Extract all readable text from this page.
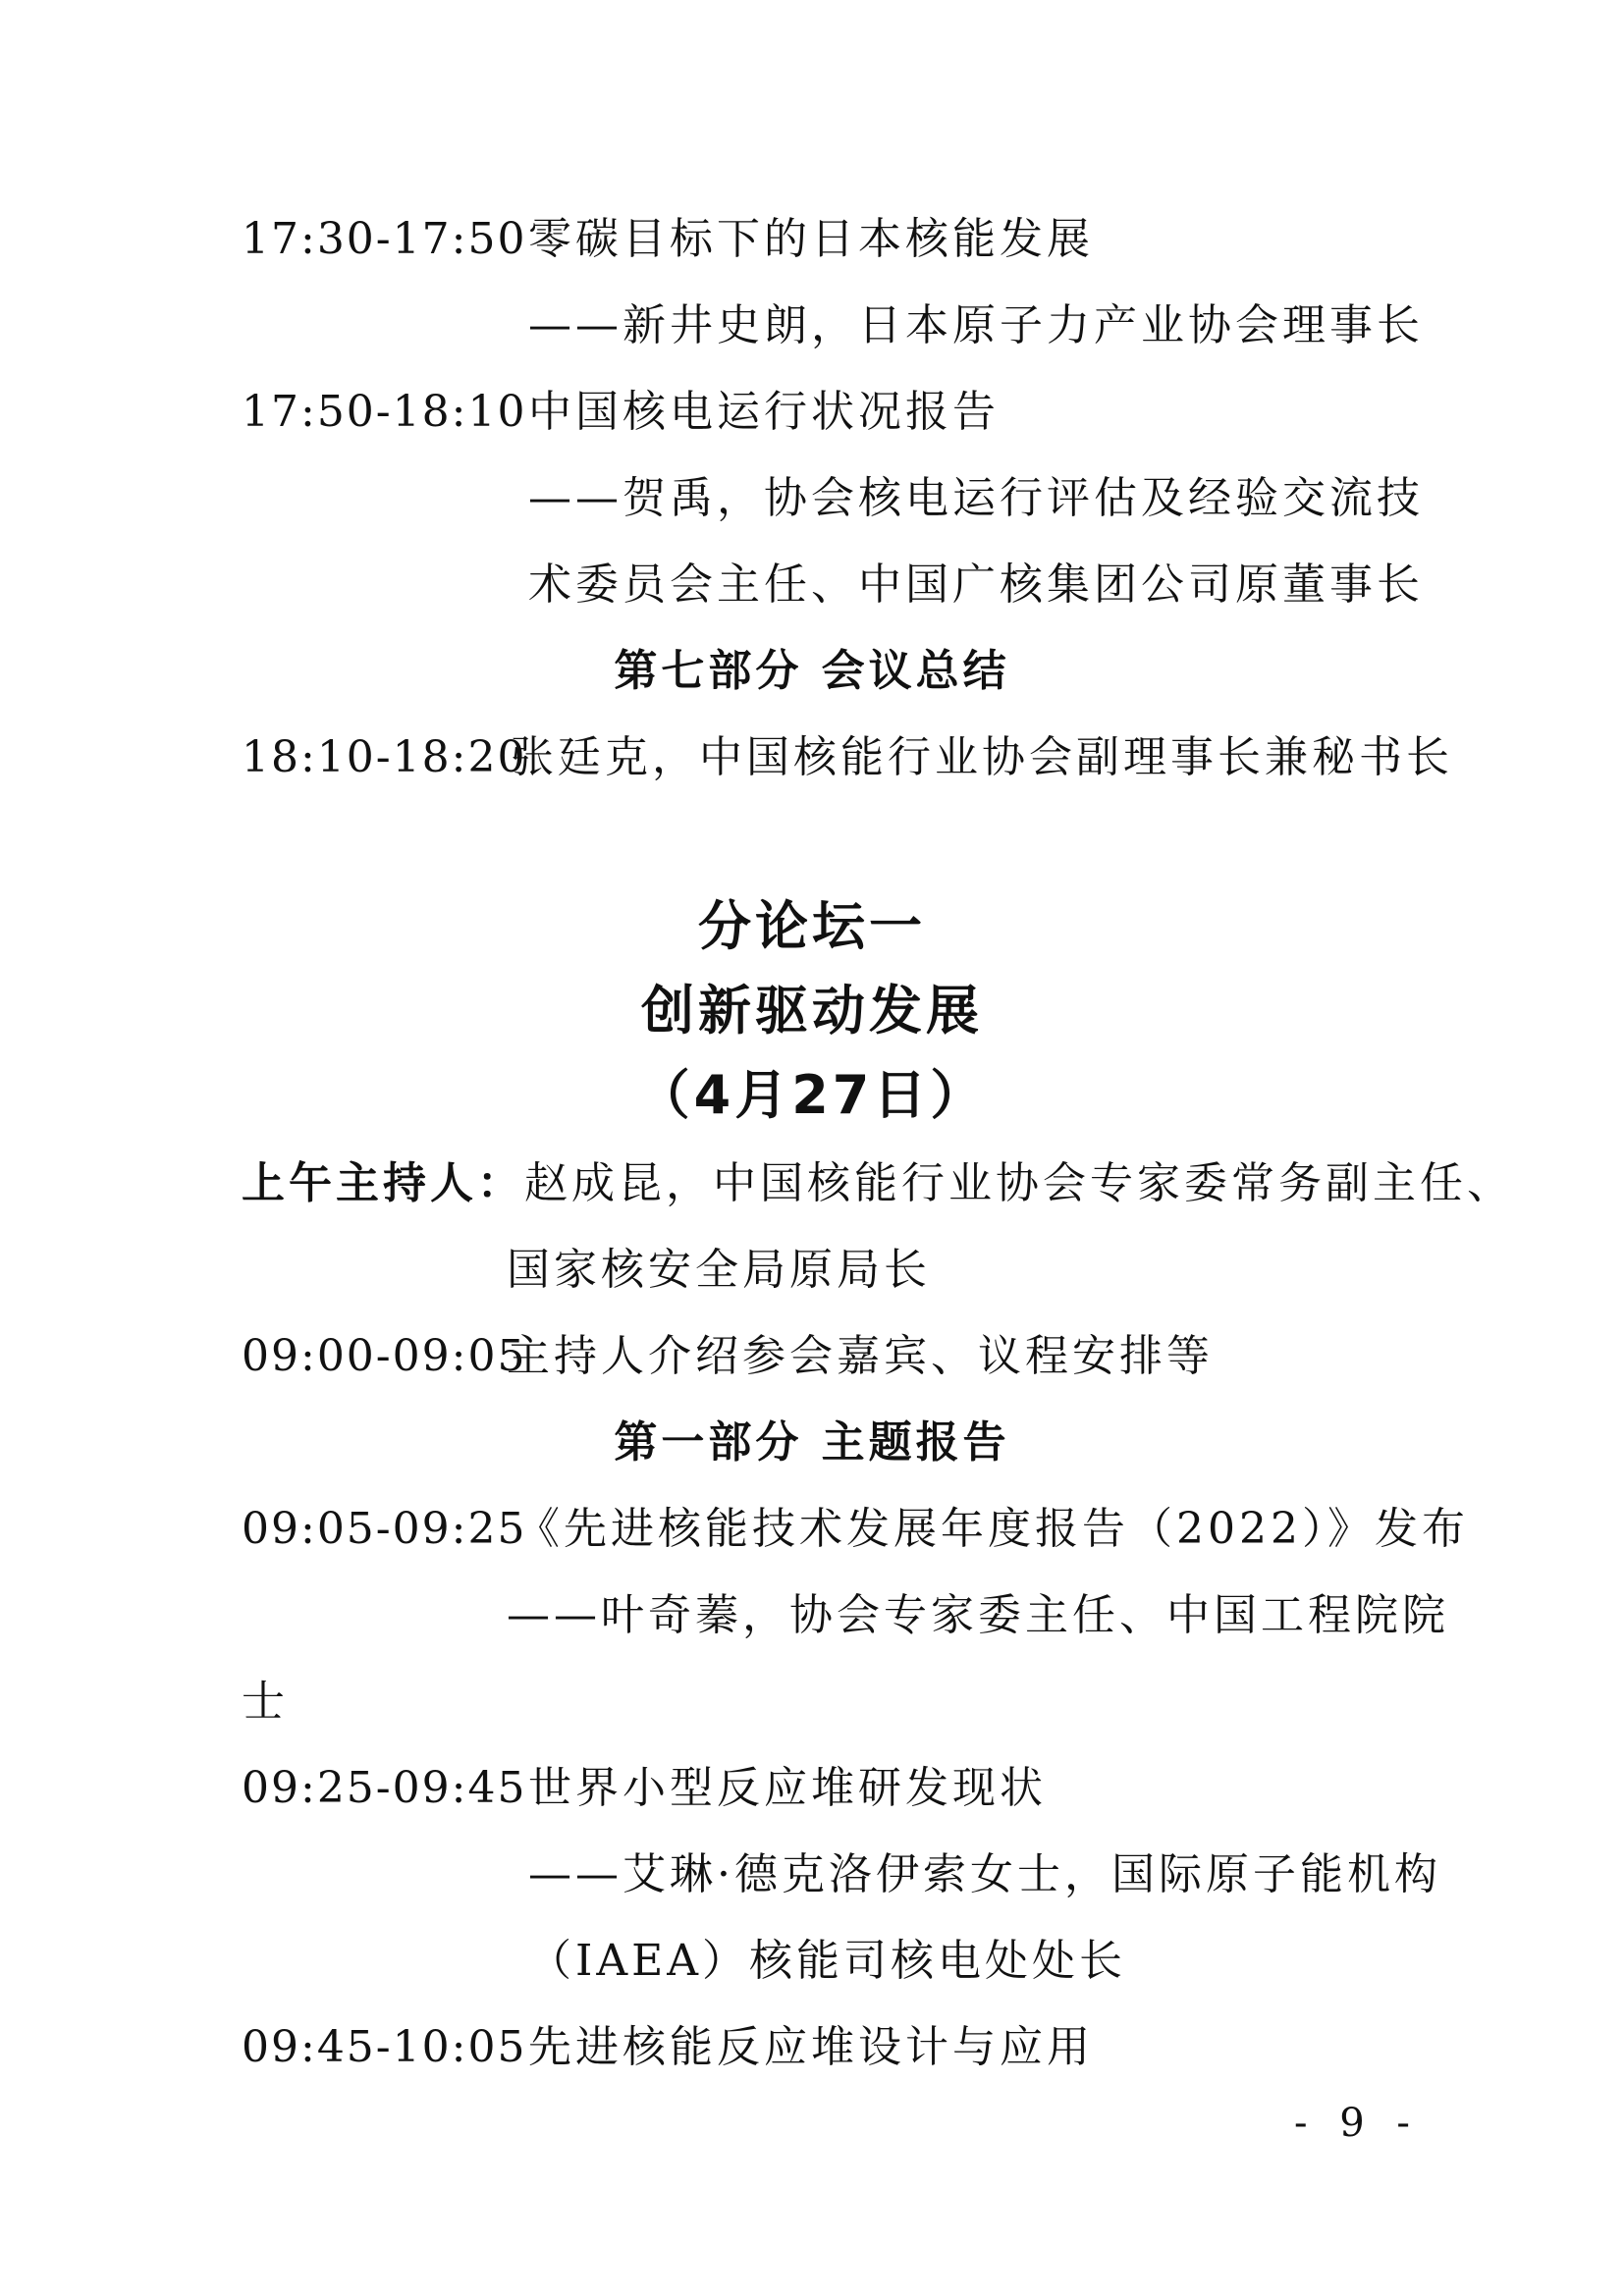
17:30-17:50 零碳目标下的日本核能发展
——新井史朗，日本原子力产业协会理事长
17:50-18:10 中国核电运行状况报告
——贺禹，协会核电运行评估及经验交流技
术委员会主任、中国广核集团公司原董事长
第七部分 会议总结
18:10-18:20
张廷克，中国核能行业协会副理事长兼秘书长
分论坛一
创新驱动发展
（4月27日）
上午主持人：赵成昆，中国核能行业协会专家委常务副主任、
国家核安全局原局长
09:00-09:05
主持人介绍参会嘉宾、议程安排等
第一部分 主题报告
09:05-09:25
《先进核能技术发展年度报告（2022）》发布
——叶奇蓁，协会专家委主任、中国工程院院
士
09:25-09:45 世界小型反应堆研发现状
——艾琳·德克洛伊索女士，国际原子能机构
（IAEA）核能司核电处处长
09:45-10:05 先进核能反应堆设计与应用
- 9 -
